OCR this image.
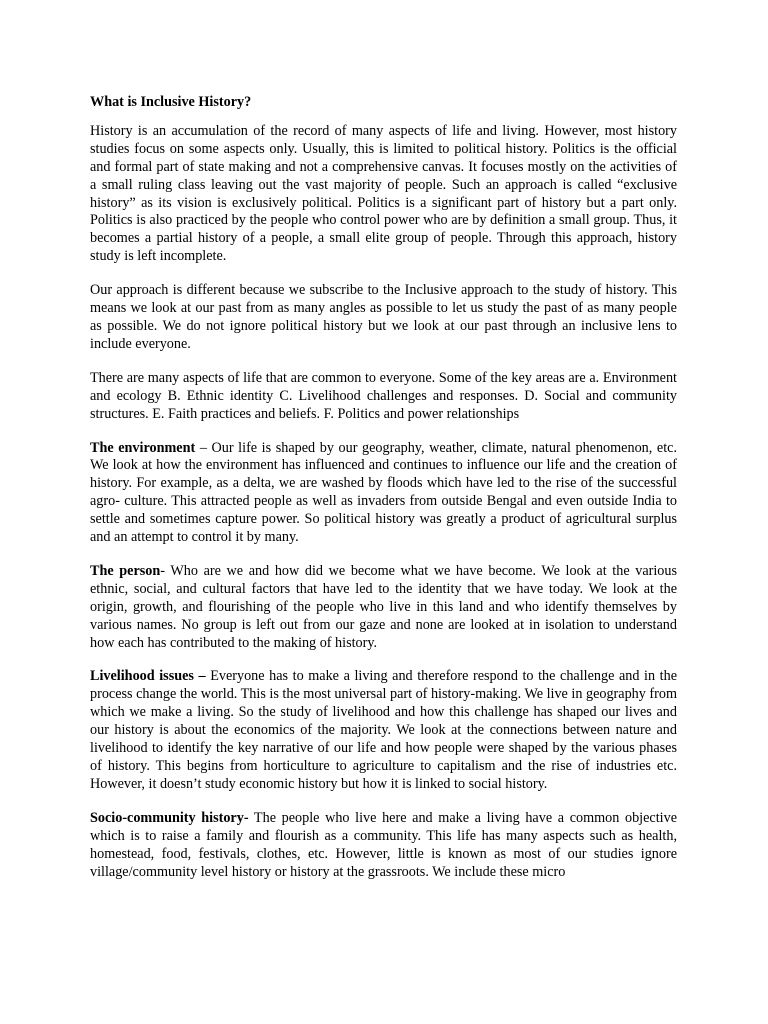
What is Inclusive History?

History is an accumulation of the record of many aspects of life and living. However, most history studies focus on some aspects only. Usually, this is limited to political history. Politics is the official and formal part of state making and not a comprehensive canvas. It focuses mostly on the activities of a small ruling class leaving out the vast majority of people. Such an approach is called “exclusive history” as its vision is exclusively political. Politics is a significant part of history but a part only. Politics is also practiced by the people who control power who are by definition a small group. Thus, it becomes a partial history of a people, a small elite group of people. Through this approach, history study is left incomplete.

Our approach is different because we subscribe to the Inclusive approach to the study of history. This means we look at our past from as many angles as possible to let us study the past of as many people as possible. We do not ignore political history but we look at our past through an inclusive lens to include everyone.

There are many aspects of life that are common to everyone. Some of the key areas are a. Environment and ecology B. Ethnic identity C. Livelihood challenges and responses. D. Social and community structures. E. Faith practices and beliefs. F. Politics and power relationships

The environment – Our life is shaped by our geography, weather, climate, natural phenomenon, etc. We look at how the environment has influenced and continues to influence our life and the creation of history. For example, as a delta, we are washed by floods which have led to the rise of the successful agro- culture. This attracted people as well as invaders from outside Bengal and even outside India to settle and sometimes capture power. So political history was greatly a product of agricultural surplus and an attempt to control it by many.

The person- Who are we and how did we become what we have become. We look at the various ethnic, social, and cultural factors that have led to the identity that we have today. We look at the origin, growth, and flourishing of the people who live in this land and who identify themselves by various names. No group is left out from our gaze and none are looked at in isolation to understand how each has contributed to the making of history.

Livelihood issues – Everyone has to make a living and therefore respond to the challenge and in the process change the world. This is the most universal part of history-making. We live in geography from which we make a living. So the study of livelihood and how this challenge has shaped our lives and our history is about the economics of the majority. We look at the connections between nature and livelihood to identify the key narrative of our life and how people were shaped by the various phases of history. This begins from horticulture to agriculture to capitalism and the rise of industries etc. However, it doesn’t study economic history but how it is linked to social history.

Socio-community history- The people who live here and make a living have a common objective which is to raise a family and flourish as a community. This life has many aspects such as health, homestead, food, festivals, clothes, etc. However, little is known as most of our studies ignore village/community level history or history at the grassroots. We include these micro
